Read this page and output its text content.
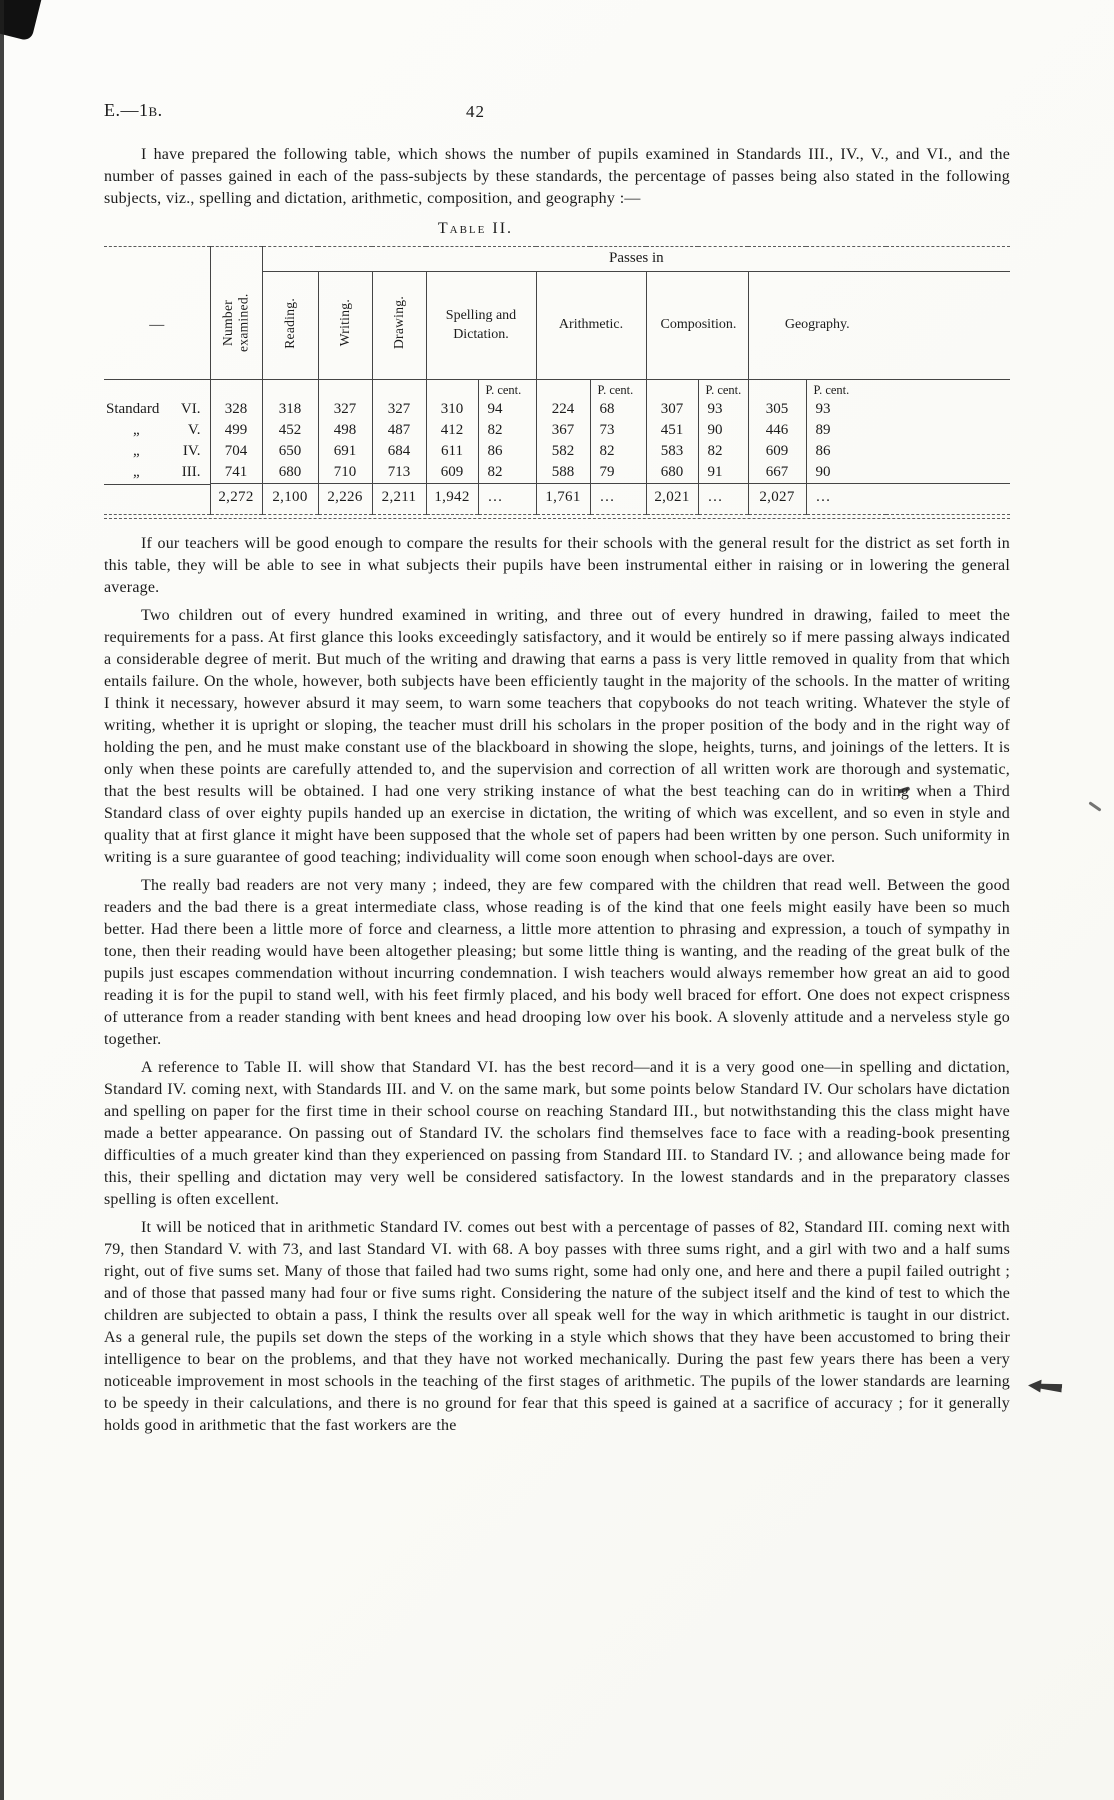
E.—1b.	42

I have prepared the following table, which shows the number of pupils examined in Standards III., IV., V., and VI., and the number of passes gained in each of the pass-subjects by these standards, the percentage of passes being also stated in the following subjects, viz., spelling and dictation, arithmetic, composition, and geography :—

Table II.
		Passes in											
—	Number examined.	Reading.	Writing.	Drawing.	Spelling and Dictation.		Arithmetic.		Composition.		Geography.		
						P. cent.		P. cent.		P. cent.		P. cent.	

Standard VI. 328	318	327	327	310	94	224	68	307	93	305	93	

„	V. 499	452	498	487	412	82	367	73	451	90	446	89	

„	IV. 704	650	691	684	611	86	582	82	583	82	609	86	

„	III. 741	680	710	713	609	82	588	79	680	91	667	90	

2,272	2,100	2,226	2,211	1,942	…	1,761	…	2,021	…	2,027	…	

If our teachers will be good enough to compare the results for their schools with the general result for the district as set forth in this table, they will be able to see in what subjects their pupils have been instrumental either in raising or in lowering the general average.

Two children out of every hundred examined in writing, and three out of every hundred in drawing, failed to meet the requirements for a pass. At first glance this looks exceedingly satisfactory, and it would be entirely so if mere passing always indicated a considerable degree of merit. But much of the writing and drawing that earns a pass is very little removed in quality from that which entails failure. On the whole, however, both subjects have been efficiently taught in the majority of the schools. In the matter of writing I think it necessary, however absurd it may seem, to warn some teachers that copybooks do not teach writing. Whatever the style of writing, whether it is upright or sloping, the teacher must drill his scholars in the proper position of the body and in the right way of holding the pen, and he must make constant use of the blackboard in showing the slope, heights, turns, and joinings of the letters. It is only when these points are carefully attended to, and the supervision and correction of all written work are thorough and systematic, that the best results will be obtained. I had one very striking instance of what the best teaching can do in writing when a Third Standard class of over eighty pupils handed up an exercise in dictation, the writing of which was excellent, and so even in style and quality that at first glance it might have been supposed that the whole set of papers had been written by one person. Such uniformity in writing is a sure guarantee of good teaching; individuality will come soon enough when school-days are over.

The really bad readers are not very many ; indeed, they are few compared with the children that read well. Between the good readers and the bad there is a great intermediate class, whose reading is of the kind that one feels might easily have been so much better. Had there been a little more of force and clearness, a little more attention to phrasing and expression, a touch of sympathy in tone, then their reading would have been altogether pleasing; but some little thing is wanting, and the reading of the great bulk of the pupils just escapes commendation without incurring condemnation. I wish teachers would always remember how great an aid to good reading it is for the pupil to stand well, with his feet firmly placed, and his body well braced for effort. One does not expect crispness of utterance from a reader standing with bent knees and head drooping low over his book. A slovenly attitude and a nerveless style go together.

A reference to Table II. will show that Standard VI. has the best record—and it is a very good one—in spelling and dictation, Standard IV. coming next, with Standards III. and V. on the same mark, but some points below Standard IV. Our scholars have dictation and spelling on paper for the first time in their school course on reaching Standard III., but notwithstanding this the class might have made a better appearance. On passing out of Standard IV. the scholars find themselves face to face with a reading-book presenting difficulties of a much greater kind than they experienced on passing from Standard III. to Standard IV. ; and allowance being made for this, their spelling and dictation may very well be considered satisfactory. In the lowest standards and in the preparatory classes spelling is often excellent.

It will be noticed that in arithmetic Standard IV. comes out best with a percentage of passes of 82, Standard III. coming next with 79, then Standard V. with 73, and last Standard VI. with 68. A boy passes with three sums right, and a girl with two and a half sums right, out of five sums set. Many of those that failed had two sums right, some had only one, and here and there a pupil failed outright ; and of those that passed many had four or five sums right. Considering the nature of the subject itself and the kind of test to which the children are subjected to obtain a pass, I think the results over all speak well for the way in which arithmetic is taught in our district. As a general rule, the pupils set down the steps of the working in a style which shows that they have been accustomed to bring their intelligence to bear on the problems, and that they have not worked mechanically. During the past few years there has been a very noticeable improvement in most schools in the teaching of the first stages of arithmetic. The pupils of the lower standards are learning to be speedy in their calculations, and there is no ground for fear that this speed is gained at a sacrifice of accuracy ; for it generally holds good in arithmetic that the fast workers are the
